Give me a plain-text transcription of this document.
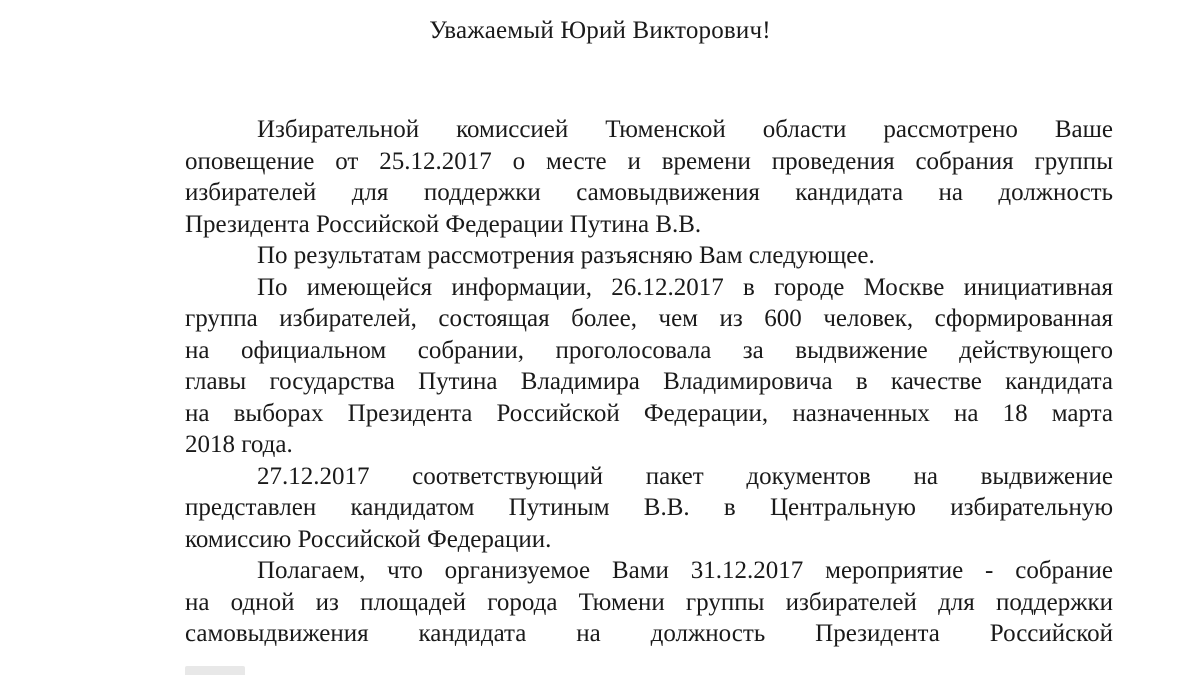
Уважаемый Юрий Викторович!

Избирательной комиссией Тюменской области рассмотрено Ваше
оповещение от 25.12.2017 о месте и времени проведения собрания группы
избирателей для поддержки самовыдвижения кандидата на должность
Президента Российской Федерации Путина В.В.

По результатам рассмотрения разъясняю Вам следующее.

По имеющейся информации, 26.12.2017 в городе Москве инициативная
группа избирателей, состоящая более, чем из 600 человек, сформированная
на официальном собрании, проголосовала за выдвижение действующего
главы государства Путина Владимира Владимировича в качестве кандидата
на выборах Президента Российской Федерации, назначенных на 18 марта
2018 года.

27.12.2017 соответствующий пакет документов на выдвижение
представлен кандидатом Путиным В.В. в Центральную избирательную
комиссию Российской Федерации.

Полагаем, что организуемое Вами 31.12.2017 мероприятие - собрание
на одной из площадей города Тюмени группы избирателей для поддержки
самовыдвижения кандидата на должность Президента Российской
